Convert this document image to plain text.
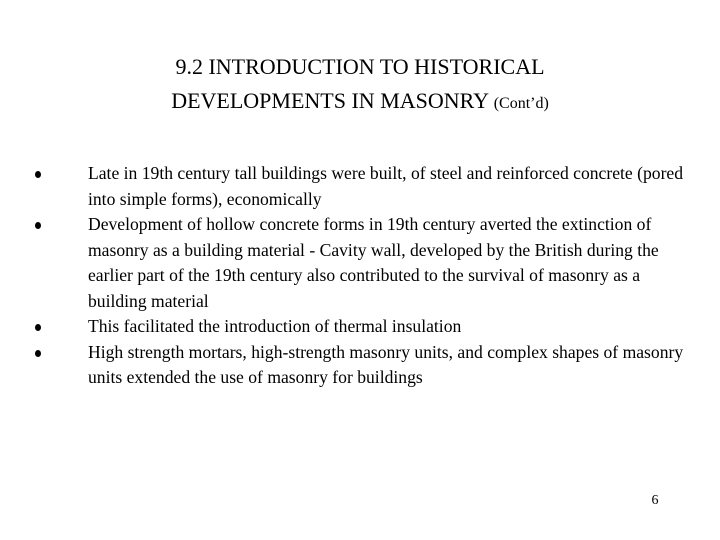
9.2 INTRODUCTION TO HISTORICAL
DEVELOPMENTS IN MASONRY (Cont’d)
Late in 19th century tall buildings were built, of steel and reinforced concrete (pored into simple forms), economically
Development of hollow concrete forms in 19th century averted the extinction of masonry as a building material - Cavity wall, developed by the British during the earlier part of the 19th century also contributed to the survival of masonry as a building material
This facilitated the introduction of thermal insulation
High strength mortars, high-strength masonry units, and complex shapes of masonry units extended the use of masonry for buildings
6
